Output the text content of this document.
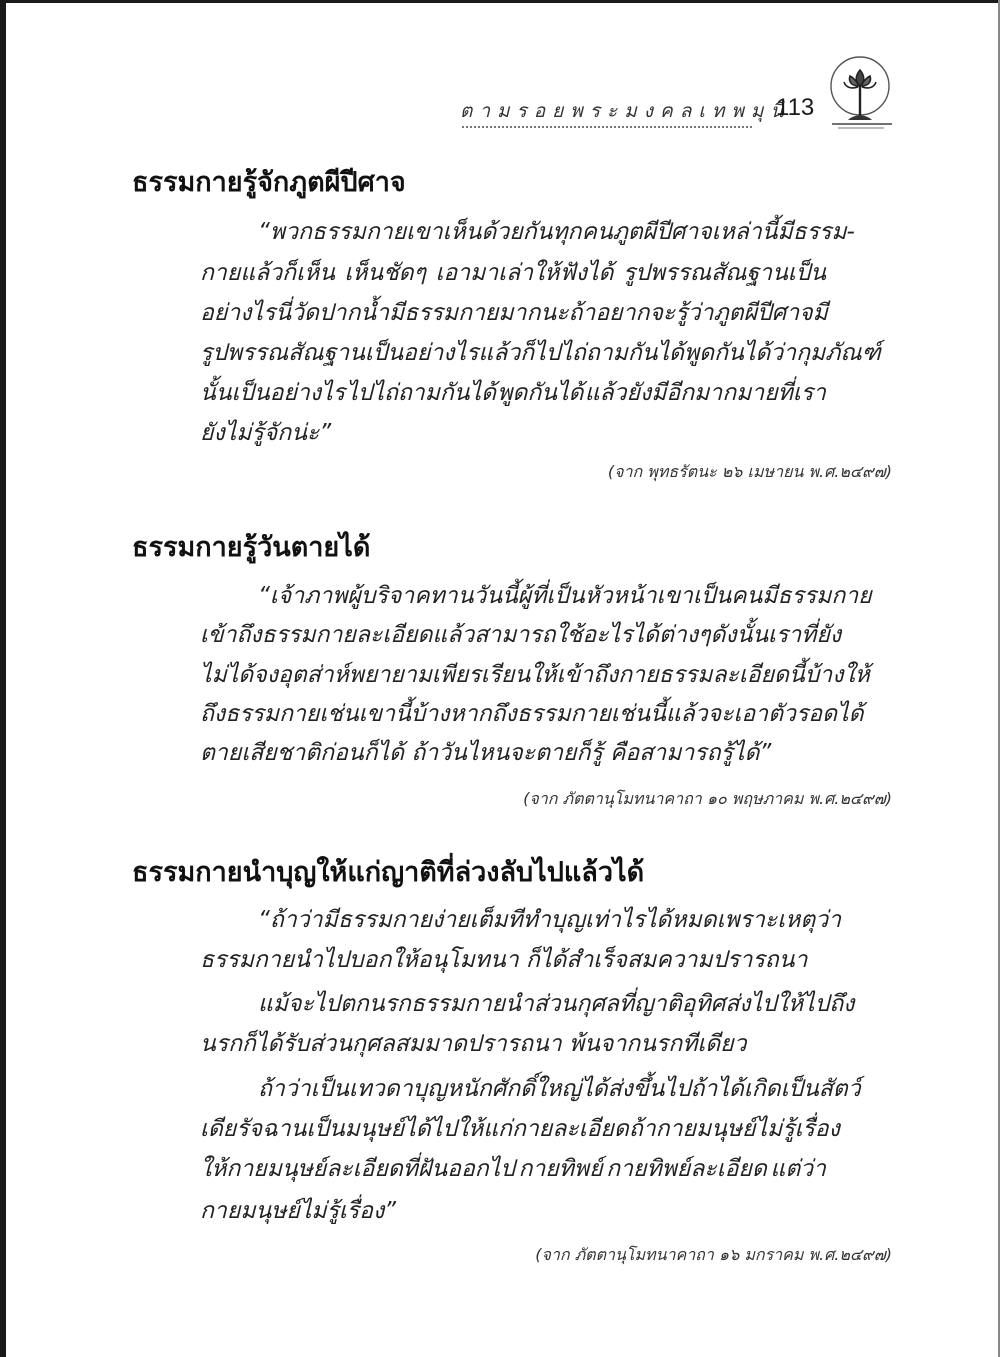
ตามรอยพระมงคลเทพมุนี
113
ธรรมกายรู้จักภูตผีปีศาจ
“พวกธรรมกายเขาเห็นด้วยกันทุกคน ภูตผีปีศาจเหล่านี้ มีธรรม-
กายแล้วก็เห็น เห็นชัดๆ เอามาเล่าให้ฟังได้ รูปพรรณสัณฐานเป็น
อย่างไร นี่วัดปากน้ำมีธรรมกายมากนะ ถ้าอยากจะรู้ว่าภูตผีปีศาจมี
รูปพรรณสัณฐานเป็นอย่างไรแล้ว ก็ไปไถ่ถามกันได้ พูดกันได้ว่ากุมภัณฑ์
นั้นเป็นอย่างไร ไปไถ่ถามกันได้ พูดกันได้ แล้วยังมีอีกมากมายที่เรา
ยังไม่รู้จักน่ะ”
(จาก พุทธรัตนะ ๒๖ เมษายน พ.ศ.๒๔๙๗)
ธรรมกายรู้วันตายได้
“เจ้าภาพผู้บริจาคทานวันนี้ ผู้ที่เป็นหัวหน้าเขาเป็นคนมีธรรมกาย
เข้าถึงธรรมกายละเอียดแล้ว สามารถใช้อะไรได้ต่างๆ ดังนั้นเราที่ยัง
ไม่ได้ จงอุตส่าห์พยายามเพียรเรียนให้เข้าถึงกายธรรมละเอียดนี้บ้าง ให้
ถึงธรรมกายเช่นเขานี้บ้าง หากถึงธรรมกายเช่นนี้แล้วจะเอาตัวรอดได้
ตายเสียชาติก่อนก็ได้ ถ้าวันไหนจะตายก็รู้ คือสามารถรู้ได้”
(จาก ภัตตานุโมทนาคาถา ๑๐ พฤษภาคม พ.ศ.๒๔๙๗)
ธรรมกายนำบุญให้แก่ญาติที่ล่วงลับไปแล้วได้
“ถ้าว่ามีธรรมกายง่ายเต็มที ทำบุญเท่าไรได้หมด เพราะเหตุว่า
ธรรมกายนำไปบอกให้อนุโมทนา ก็ได้สำเร็จสมความปรารถนา
แม้จะไปตกนรก ธรรมกายนำส่วนกุศลที่ญาติอุทิศส่งไปให้ ไปถึง
นรกก็ได้รับส่วนกุศลสมมาดปรารถนา พ้นจากนรกทีเดียว
ถ้าว่าเป็นเทวดาบุญหนักศักดิ์ใหญ่ได้ส่งขึ้นไป ถ้าได้เกิดเป็นสัตว์
เดียรัจฉาน เป็นมนุษย์ได้ ไปให้แก่กายละเอียด ถ้ากายมนุษย์ไม่รู้เรื่อง
ให้กายมนุษย์ละเอียดที่ฝันออกไป กายทิพย์ กายทิพย์ละเอียด แต่ว่า
กายมนุษย์ไม่รู้เรื่อง”
(จาก ภัตตานุโมทนาคาถา ๑๖ มกราคม พ.ศ.๒๔๙๗)
